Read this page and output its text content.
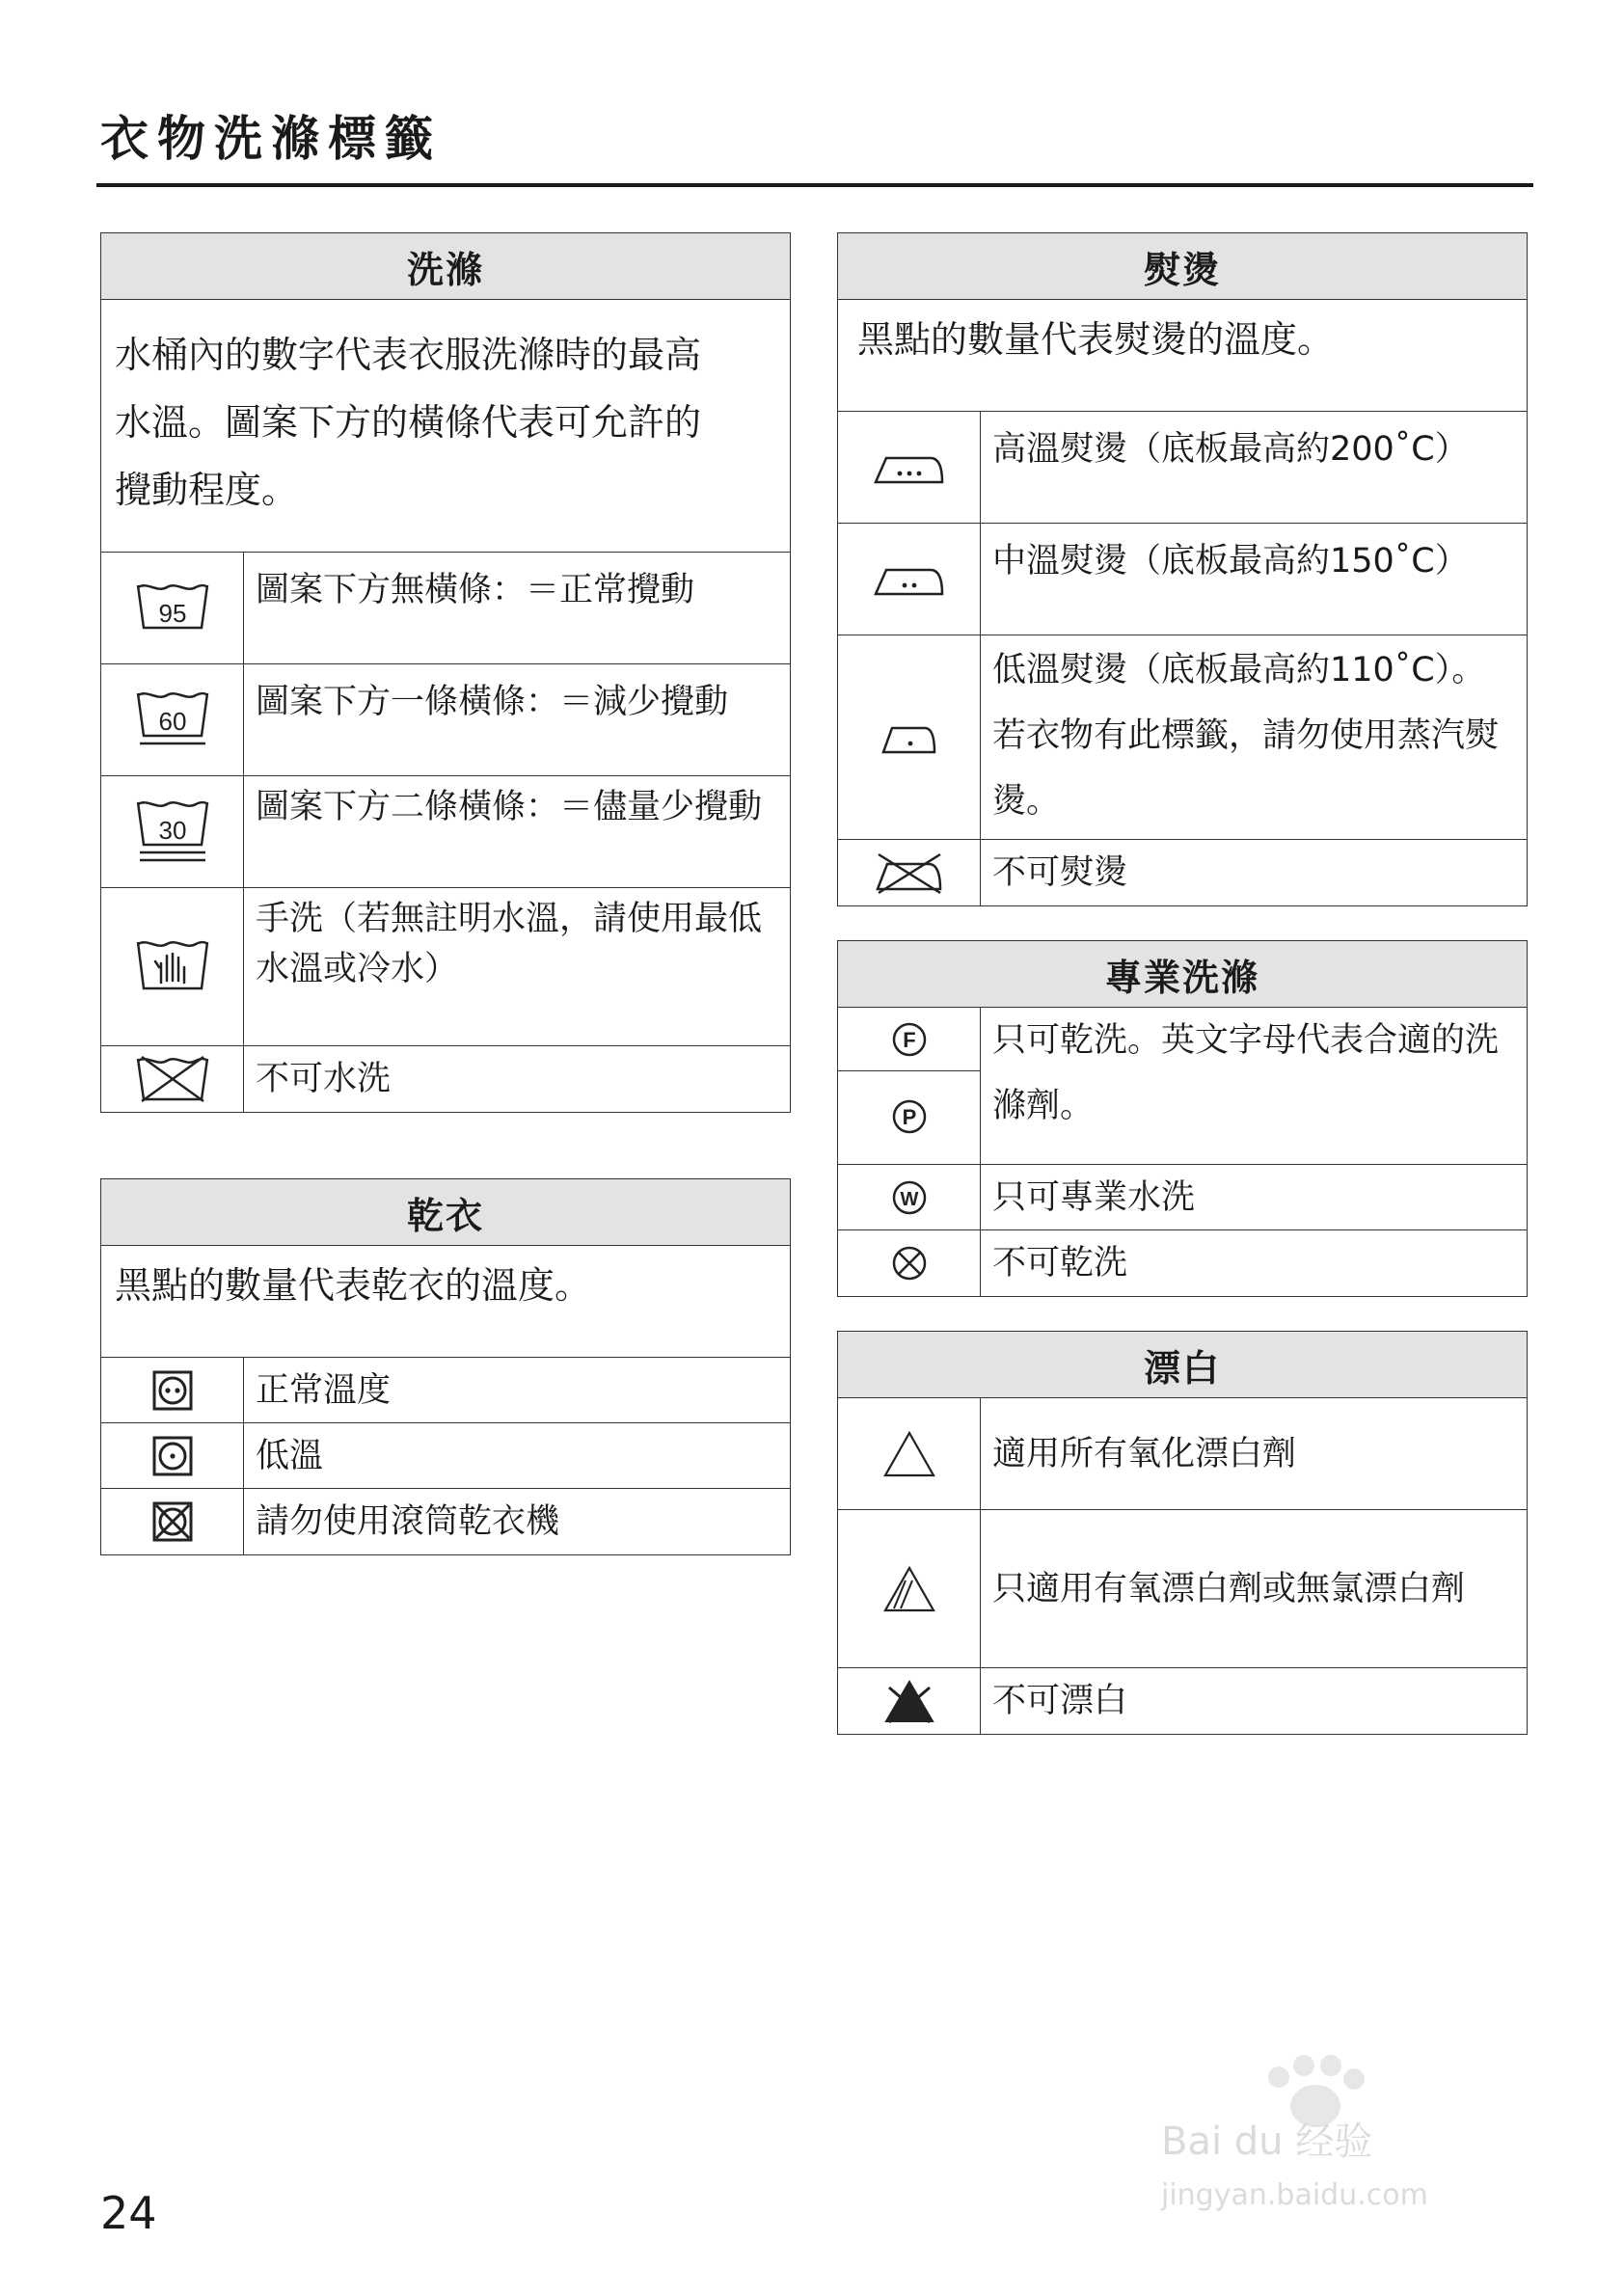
衣物洗滌標籤
洗滌
水桶內的數字代表衣服洗滌時的最高
水溫。圖案下方的橫條代表可允許的
攪動程度。
95
圖案下方無橫條：＝正常攪動
60	圖案下方一條橫條：＝減少攪動
30
圖案下方二條橫條：＝儘量少攪動
手洗（若無註明水溫，請使用最低水溫或冷水）
不可水洗
乾衣
黑點的數量代表乾衣的溫度。
正常溫度
低溫
請勿使用滾筒乾衣機
熨燙
黑點的數量代表熨燙的溫度。
高溫熨燙（底板最高約200˚C）
中溫熨燙（底板最高約150˚C）
低溫熨燙（底板最高約110˚C）。若衣物有此標籤，請勿使用蒸汽熨燙。
不可熨燙
專業洗滌
F
P
只可乾洗。英文字母代表合適的洗滌劑。
W	只可專業水洗
不可乾洗
漂白
適用所有氧化漂白劑
只適用有氧漂白劑或無氯漂白劑
不可漂白
24
Bai du 经验
jingyan.baidu.com
